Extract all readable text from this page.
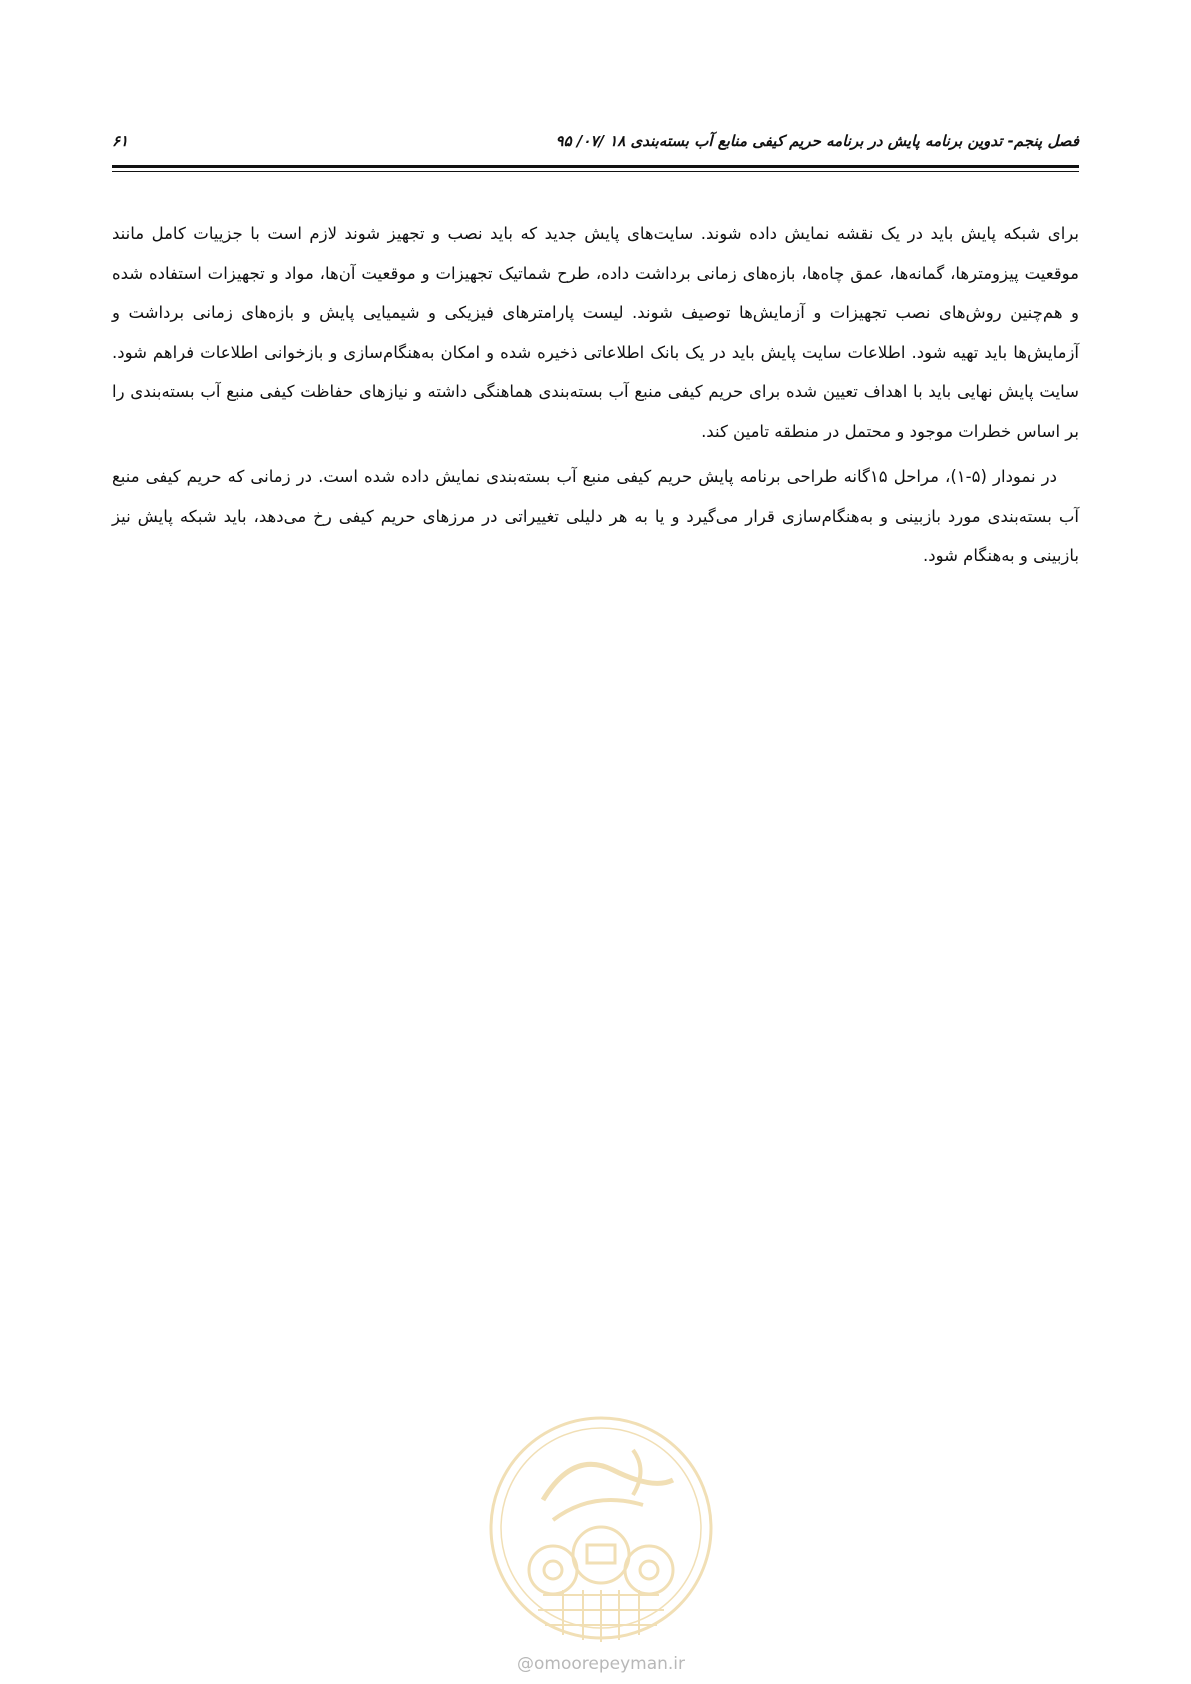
فصل پنجم- تدوین برنامه پایش در برنامه حریم کیفی منابع آب بسته‌بندی ۱۸ /۰۷/ ۹۵
۶۱

برای شبکه پایش باید در یک نقشه نمایش داده شوند. سایت‌های پایش جدید که باید نصب و تجهیز شوند لازم است با جزییات کامل مانند موقعیت پیزومترها، گمانه‌ها، عمق چاه‌ها، بازه‌های زمانی برداشت داده، طرح شماتیک تجهیزات و موقعیت آن‌ها، مواد و تجهیزات استفاده شده و هم‌چنین روش‌های نصب تجهیزات و آزمایش‌ها توصیف شوند. لیست پارامترهای فیزیکی و شیمیایی پایش و بازه‌های زمانی برداشت و آزمایش‌ها باید تهیه شود. اطلاعات سایت پایش باید در یک بانک اطلاعاتی ذخیره شده و امکان به‌هنگام‌سازی و بازخوانی اطلاعات فراهم شود. سایت پایش نهایی باید با اهداف تعیین شده برای حریم کیفی منبع آب بسته‌بندی هماهنگی داشته و نیازهای حفاظت کیفی منبع آب بسته‌بندی را بر اساس خطرات موجود و محتمل در منطقه تامین کند.

در نمودار (۵-۱)، مراحل ۱۵گانه طراحی برنامه پایش حریم کیفی منبع آب بسته‌بندی نمایش داده شده است. در زمانی که حریم کیفی منبع آب بسته‌بندی مورد بازبینی و به‌هنگام‌سازی قرار می‌گیرد و یا به هر دلیلی تغییراتی در مرزهای حریم کیفی رخ می‌دهد، باید شبکه پایش نیز بازبینی و به‌هنگام شود.

@omoorepeyman.ir
